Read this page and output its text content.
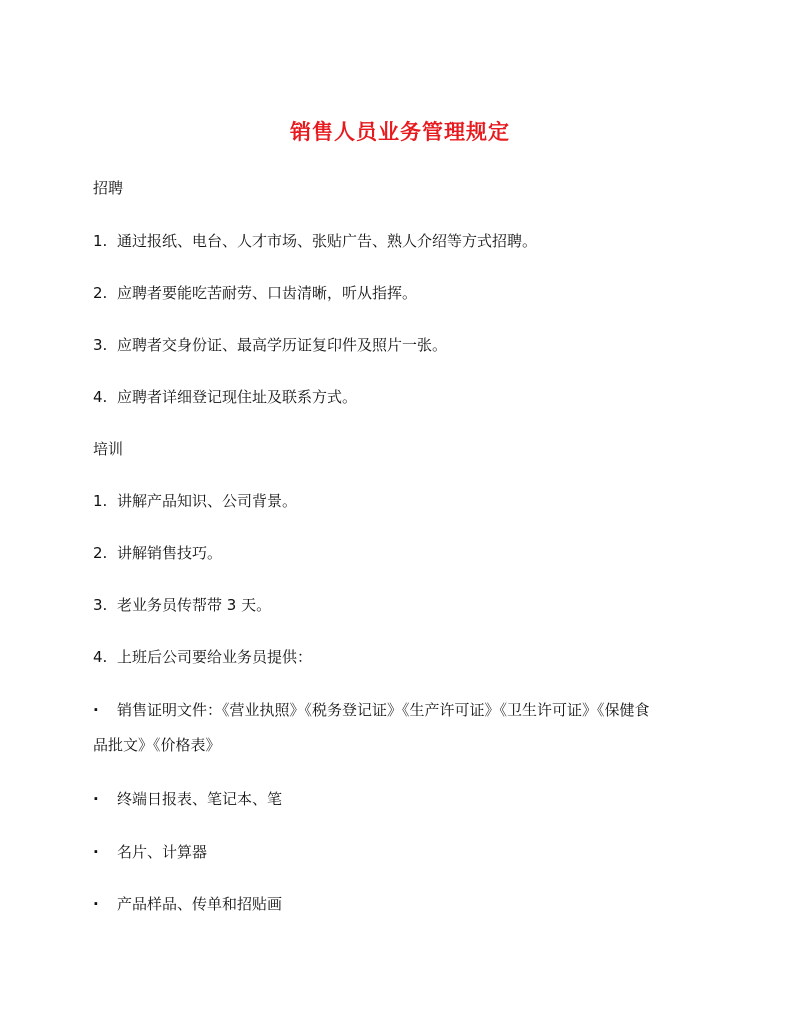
销售人员业务管理规定
招聘
1. 通过报纸、电台、人才市场、张贴广告、熟人介绍等方式招聘。
2. 应聘者要能吃苦耐劳、口齿清晰，听从指挥。
3. 应聘者交身份证、最高学历证复印件及照片一张。
4. 应聘者详细登记现住址及联系方式。
培训
1. 讲解产品知识、公司背景。
2. 讲解销售技巧。
3. 老业务员传帮带 3 天。
4. 上班后公司要给业务员提供：
· 销售证明文件：《营业执照》《税务登记证》《生产许可证》《卫生许可证》《保健食
品批文》《价格表》
· 终端日报表、笔记本、笔
· 名片、计算器
· 产品样品、传单和招贴画
